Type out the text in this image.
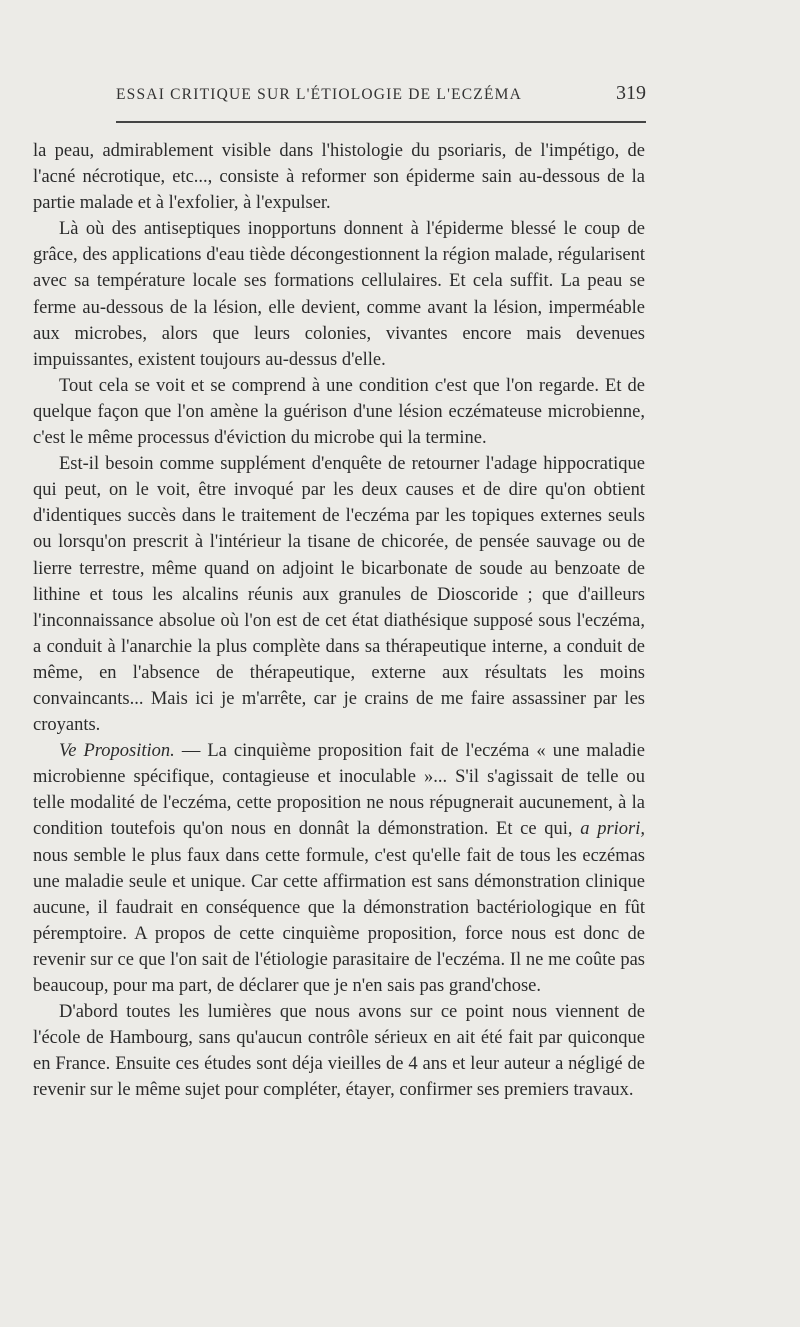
ESSAI CRITIQUE SUR L'ÉTIOLOGIE DE L'ECZÉMA	319

la peau, admirablement visible dans l'histologie du psoriaris, de l'impétigo, de l'acné nécrotique, etc..., consiste à reformer son épiderme sain au-dessous de la partie malade et à l'exfolier, à l'expulser.

Là où des antiseptiques inopportuns donnent à l'épiderme blessé le coup de grâce, des applications d'eau tiède décongestionnent la région malade, régularisent avec sa température locale ses formations cellulaires. Et cela suffit. La peau se ferme au-dessous de la lésion, elle devient, comme avant la lésion, imperméable aux microbes, alors que leurs colonies, vivantes encore mais devenues impuissantes, existent toujours au-dessus d'elle.

Tout cela se voit et se comprend à une condition c'est que l'on regarde. Et de quelque façon que l'on amène la guérison d'une lésion eczémateuse microbienne, c'est le même processus d'éviction du microbe qui la termine.

Est-il besoin comme supplément d'enquête de retourner l'adage hippocratique qui peut, on le voit, être invoqué par les deux causes et de dire qu'on obtient d'identiques succès dans le traitement de l'eczéma par les topiques externes seuls ou lorsqu'on prescrit à l'intérieur la tisane de chicorée, de pensée sauvage ou de lierre terrestre, même quand on adjoint le bicarbonate de soude au benzoate de lithine et tous les alcalins réunis aux granules de Dioscoride ; que d'ailleurs l'inconnaissance absolue où l'on est de cet état diathésique supposé sous l'eczéma, a conduit à l'anarchie la plus complète dans sa thérapeutique interne, a conduit de même, en l'absence de thérapeutique, externe aux résultats les moins convaincants... Mais ici je m'arrête, car je crains de me faire assassiner par les croyants.

Ve Proposition. — La cinquième proposition fait de l'eczéma « une maladie microbienne spécifique, contagieuse et inoculable »... S'il s'agissait de telle ou telle modalité de l'eczéma, cette proposition ne nous répugnerait aucunement, à la condition toutefois qu'on nous en donnât la démonstration. Et ce qui, a priori, nous semble le plus faux dans cette formule, c'est qu'elle fait de tous les eczémas une maladie seule et unique. Car cette affirmation est sans démonstration clinique aucune, il faudrait en conséquence que la démonstration bactériologique en fût péremptoire. A propos de cette cinquième proposition, force nous est donc de revenir sur ce que l'on sait de l'étiologie parasitaire de l'eczéma. Il ne me coûte pas beaucoup, pour ma part, de déclarer que je n'en sais pas grand'chose.

D'abord toutes les lumières que nous avons sur ce point nous viennent de l'école de Hambourg, sans qu'aucun contrôle sérieux en ait été fait par quiconque en France. Ensuite ces études sont déja vieilles de 4 ans et leur auteur a négligé de revenir sur le même sujet pour compléter, étayer, confirmer ses premiers travaux.
